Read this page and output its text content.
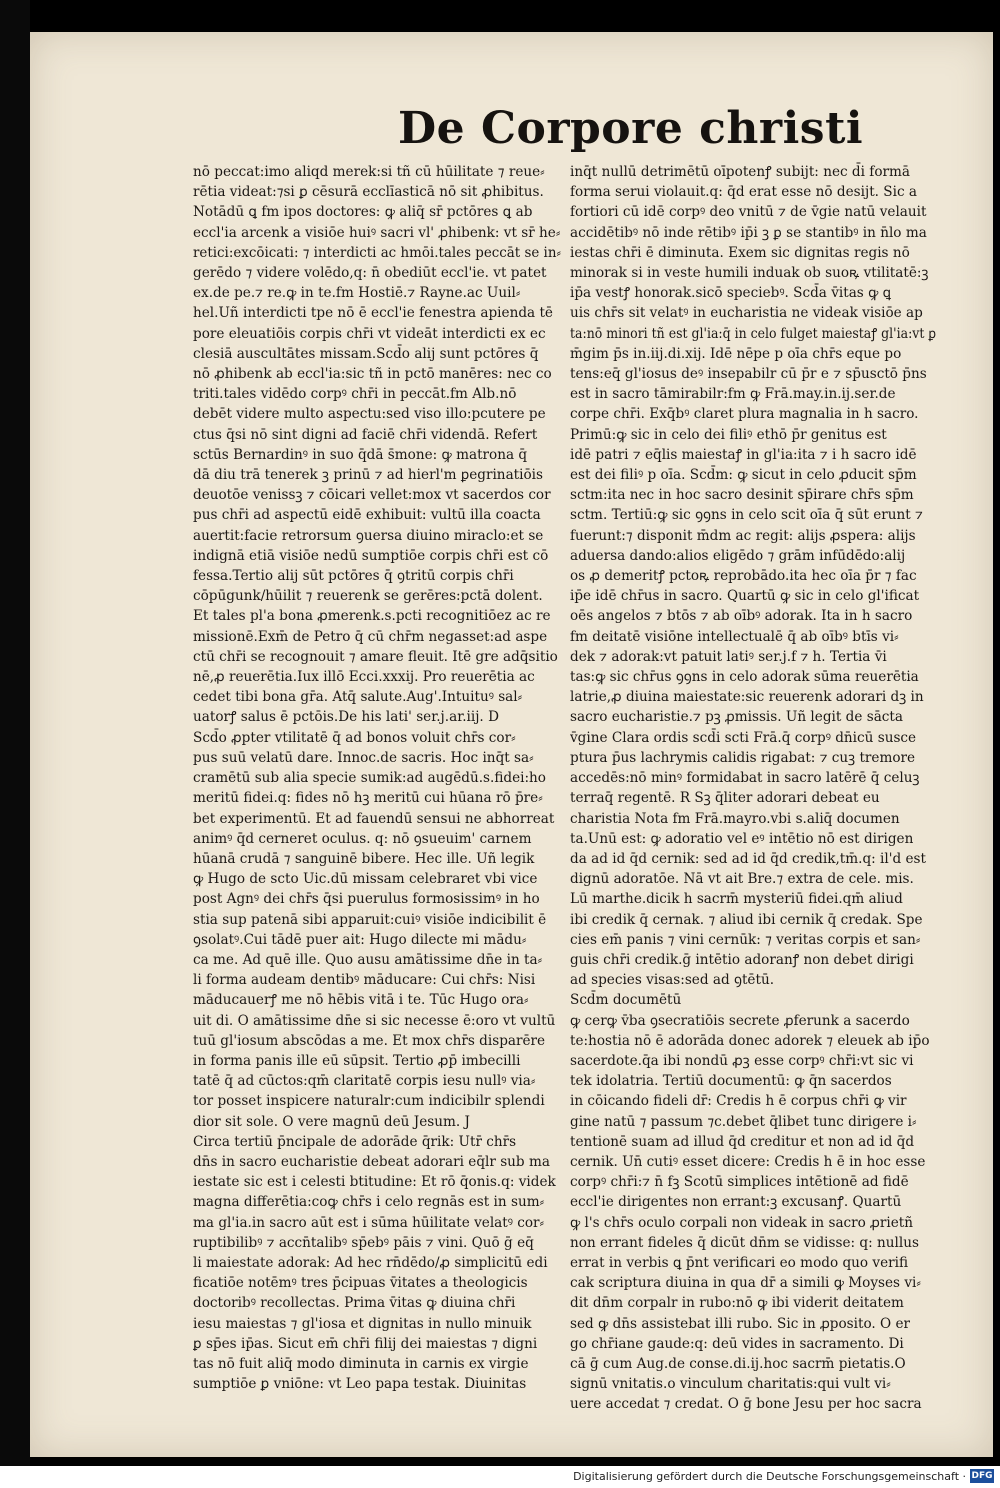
De Corpore christi
nō peccat:imo aliqd merek:si tñ cū hūilitate ⁊ reue⸗
rētia videat:⁊si ꝑ cēsurā ecclīasticā nō sit ꝓhibitus.
Notādū ꝗ fm ipos doctores: ꝙ aliq̄ sr̄ pctōres ꝗ ab
eccl'ia arcenk a visiōe huiꝰ sacri vl' ꝓhibenk: vt sr̄ he⸗
retici:excōicati: ⁊ interdicti ac hmōi.tales peccāt se in⸗
gerēdo ⁊ videre volēdo,q: n̄ obediūt eccl'ie. vt patet
ex.de pe.⁊ re.ꝙ in te.fm Hostiē.⁊ Rayne.ac Uuil⸗
hel.Uñ interdicti tpe nō ē eccl'ie fenestra apienda tē
pore eleuatiōis corpis chr̄i vt videāt interdicti ex ec
clesiā auscultātes missam.Scd̄o alij sunt pctōres q̄
nō ꝓhibenk ab eccl'ia:sic tñ in pctō manēres: nec co
triti.tales vidēdo corpꝰ chr̄i in peccāt.fm Alb.nō
debēt videre multo aspectu:sed viso illo:pcutere pe
ctus q̄si nō sint digni ad faciē chr̄i videndā. Refert
sctūs Bernardinꝰ in suo q̄dā s̄mone: ꝙ matrona q̄
dā diu trā tenerek ꝫ prinū ⁊ ad hierl'm ꝑegrinatiōis
deuotōe venissꝫ ⁊ cōicari vellet:mox vt sacerdos cor
pus chr̄i ad aspectū eidē exhibuit: vultū illa coacta
auertit:facie retrorsum ꝯuersa diuino miraclo:et se
indignā etiā visiōe nedū sumptiōe corpis chr̄i est cō
fessa.Tertio alij sūt pctōres q̄ ꝯtritū corpis chr̄i
cōpūgunk/hūilit ⁊ reuerenk se gerēres:pctā dolent.
Et tales pl'a bona ꝓmerenk.s.pcti recognitiōez ac re
missionē.Exm̄ de Petro q̄ cū chr̄m negasset:ad aspe
ctū chr̄i se recognouit ⁊ amare fleuit. Itē gre adq̄sitio
nē,ꝓ reuerētia.Iux illō Ecci.xxxij. Pro reuerētia ac
cedet tibi bona gr̄a. Atq̄ salute.Aug'.Intuituꝰ sal⸗
uatorꝭ salus ē pctōis.De his lati' ser.j.ar.iij. D
Scd̄o ꝓpter vtilitatē q̄ ad bonos voluit chr̄s cor⸗
pus suū velatū dare. Innoc.de sacris. Hoc inq̄t sa⸗
cramētū sub alia specie sumik:ad augēdū.s.fidei:ho
meritū fidei.q: fides nō hꝫ meritū cui hūana rō p̄re⸗
bet experimentū. Et ad fauendū sensui ne abhorreat
animꝰ q̄d cerneret oculus. q: nō ꝯsueuim' carnem
hūanā crudā ⁊ sanguinē bibere. Hec ille. Uñ legik
ꝙ Hugo de scto Uic.dū missam celebraret vbi vice
post Agnꝰ dei chr̄s q̄si puerulus formosissimꝰ in ho
stia sup patenā sibi apparuit:cuiꝰ visiōe indicibilit ē
ꝯsolatꝰ.Cui tādē puer ait: Hugo dilecte mi mādu⸗
ca me. Ad quē ille. Quo ausu amātissime dn̄e in ta⸗
li forma audeam dentibꝰ māducare: Cui chr̄s: Nisi
māducauerꝭ me nō hēbis vitā i te. Tūc Hugo ora⸗
uit di. O amātissime dn̄e si sic necesse ē:oro vt vultū
tuū gl'iosum abscōdas a me. Et mox chr̄s disparēre
in forma panis ille eū sūpsit. Tertio ꝓp̄ imbecilli
tatē q̄ ad cūctos:qm̄ claritatē corpis iesu nullꝰ via⸗
tor posset inspicere naturalr:cum indicibilr splendi
dior sit sole. O vere magnū deū Jesum. J
Circa tertiū p̄ncipale de adorāde q̄rik: Utr̄ chr̄s
dn̄s in sacro eucharistie debeat adorari eq̄lr sub ma
iestate sic est i celesti btitudine: Et rō q̄onis.q: videk
magna differētia:coꝙ chr̄s i celo regnās est in sum⸗
ma gl'ia.in sacro aūt est i sūma hūilitate velatꝰ cor⸗
ruptibilibꝰ ⁊ accn̄talibꝰ sp̄ebꝰ pāis ⁊ vini. Quō ḡ eq̄
li maiestate adorak: Ad hec rn̄dēdo/ꝓ simplicitū edi
ficatiōe notēmꝰ tres p̄cipuas v̄itates a theologicis
doctoribꝰ recollectas. Prima v̄itas ꝙ diuina chr̄i
iesu maiestas ⁊ gl'iosa et dignitas in nullo minuik
ꝑ sp̄es ip̄as. Sicut em̄ chr̄i filij dei maiestas ⁊ digni
tas nō fuit aliq̄ modo diminuta in carnis ex virgie
sumptiōe ꝑ vniōne: vt Leo papa testak. Diuinitas
inq̄t nullū detrimētū oīpotenꝭ subijt: nec d̄i formā
forma serui violauit.q: q̄d erat esse nō desijt. Sic a
fortiori cū idē corpꝰ deo vnitū ⁊ de v̄gie natū velauit
accidētibꝰ nō inde rētibꝰ ip̄i ꝫ ꝑ se stantibꝰ in n̄lo ma
iestas chr̄i ē diminuta. Exem sic dignitas regis nō
minorak si in veste humili induak ob suoꝶ vtilitatē:ꝫ
ip̄a vestꝭ honorak.sicō speciebꝰ. Scd̄a v̄itas ꝙ ꝗ
uis chr̄s sit velatꝰ in eucharistia ne videak visiōe ap
ta:nō minori tñ est gl'ia:q̄ in celo fulget maiestaꝭ gl'ia:vt ꝑ
m̄gim p̄s in.iij.di.xij. Idē nēpe p oīa chr̄s eque po
tens:eq̄ gl'iosus deꝰ insepabilr cū p̄r e ⁊ sp̄usctō p̄ns
est in sacro tāmirabilr:fm ꝙ Frā.may.in.ij.ser.de
corpe chr̄i. Exq̄bꝰ claret plura magnalia in h sacro.
Primū:ꝙ sic in celo dei filiꝰ ethō p̄r genitus est
idē patri ⁊ eq̄lis maiestaꝭ in gl'ia:ita ⁊ i h sacro idē
est dei filiꝰ p oīa. Scd̄m: ꝙ sicut in celo ꝓducit sp̄m
sctm:ita nec in hoc sacro desinit sp̄irare chr̄s sp̄m
sctm. Tertiū:ꝙ sic ꝯꝯns in celo scit oīa q̄ sūt erunt ⁊
fuerunt:⁊ disponit m̄dm ac regit: alijs ꝓspera: alijs
aduersa dando:alios eligēdo ⁊ grām infūdēdo:alij
os ꝓ demeritꝭ pctoꝶ reprobādo.ita hec oīa p̄r ⁊ fac
ip̄e idē chr̄us in sacro. Quartū ꝙ sic in celo gl'ificat
oēs angelos ⁊ btōs ⁊ ab oībꝰ adorak. Ita in h sacro
fm deitatē visiōne intellectualē q̄ ab oībꝰ btīs vi⸗
dek ⁊ adorak:vt patuit latiꝰ ser.j.f ⁊ h. Tertia v̄i
tas:ꝙ sic chr̄us ꝯꝯns in celo adorak sūma reuerētia
latrie,ꝓ diuina maiestate:sic reuerenk adorari dꝫ in
sacro eucharistie.⁊ pꝫ ꝓmissis. Uñ legit de sācta
v̄gine Clara ordis scd̄i scti Frā.q̄ corpꝰ dn̄icū susce
ptura p̄us lachrymis calidis rigabat: ⁊ cuꝫ tremore
accedēs:nō minꝰ formidabat in sacro latērē q̄ celuꝫ
terraq̄ regentē. R Sꝫ q̄liter adorari debeat eu
charistia Nota fm Frā.mayro.vbi s.aliq̄ documen
ta.Unū est: ꝙ adoratio vel eꝰ intētio nō est dirigen
da ad id q̄d cernik: sed ad id q̄d credik,tm̄.q: il'd est
dignū adoratōe. Nā vt ait Bre.⁊ extra de cele. mis.
Lū marthe.dicik h sacrm̄ mysteriū fidei.qm̄ aliud
ibi credik q̄ cernak. ⁊ aliud ibi cernik q̄ credak. Spe
cies em̄ panis ⁊ vini cernūk: ⁊ veritas corpis et san⸗
guis chr̄i credik.ḡ intētio adoranꝭ non debet dirigi
ad species visas:sed ad ꝯtētū.
Scd̄m documētū
ꝙ cerꝙ v̄ba ꝯsecratiōis secrete ꝓferunk a sacerdo
te:hostia nō ē adorāda donec adorek ⁊ eleuek ab ip̄o
sacerdote.q̄a ibi nondū ꝓꝫ esse corpꝰ chr̄i:vt sic vi
tek idolatria. Tertiū documentū: ꝙ q̄n sacerdos
in cōicando fideli dr̄: Credis h ē corpus chr̄i ꝙ vir
gine natū ⁊ passum ⁊c.debet q̄libet tunc dirigere i⸗
tentionē suam ad illud q̄d creditur et non ad id q̄d
cernik. Un̄ cutiꝰ esset dicere: Credis h ē in hoc esse
corpꝰ chr̄i:⁊ n̄ fꝫ Scotū simplices intētionē ad fidē
eccl'ie dirigentes non errant:ꝫ excusanꝭ. Quartū
ꝙ l's chr̄s oculo corpali non videak in sacro ꝓrietñ
non errant fideles q̄ dicūt dn̄m se vidisse: q: nullus
errat in verbis ꝗ p̄nt verificari eo modo quo verifi
cak scriptura diuina in qua dr̄ a simili ꝙ Moyses vi⸗
dit dn̄m corpalr in rubo:nō ꝙ ibi viderit deitatem
sed ꝙ dn̄s assistebat illi rubo. Sic in ꝓposito. O er
go chr̄iane gaude:q: deū vides in sacramento. Di
cā ḡ cum Aug.de conse.di.ij.hoc sacrm̄ pietatis.O
signū vnitatis.o vinculum charitatis:qui vult vi⸗
uere accedat ⁊ credat. O ḡ bone Jesu per hoc sacra
Digitalisierung gefördert durch die Deutsche Forschungsgemeinschaft · DFG
